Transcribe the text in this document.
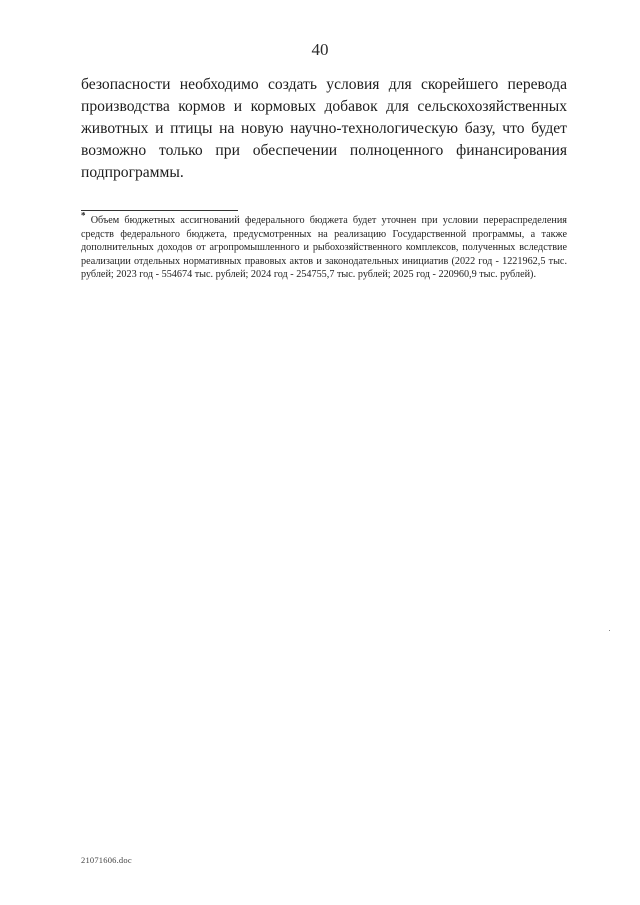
40

безопасности необходимо создать условия для скорейшего перевода производства кормов и кормовых добавок для сельскохозяйственных животных и птицы на новую научно-технологическую базу, что будет возможно только при обеспечении полноценного финансирования подпрограммы.

* Объем бюджетных ассигнований федерального бюджета будет уточнен при условии перераспределения средств федерального бюджета, предусмотренных на реализацию Государственной программы, а также дополнительных доходов от агропромышленного и рыбохозяйственного комплексов, полученных вследствие реализации отдельных нормативных правовых актов и законодательных инициатив (2022 год - 1221962,5 тыс. рублей; 2023 год - 554674 тыс. рублей; 2024 год - 254755,7 тыс. рублей; 2025 год - 220960,9 тыс. рублей).

21071606.doc
